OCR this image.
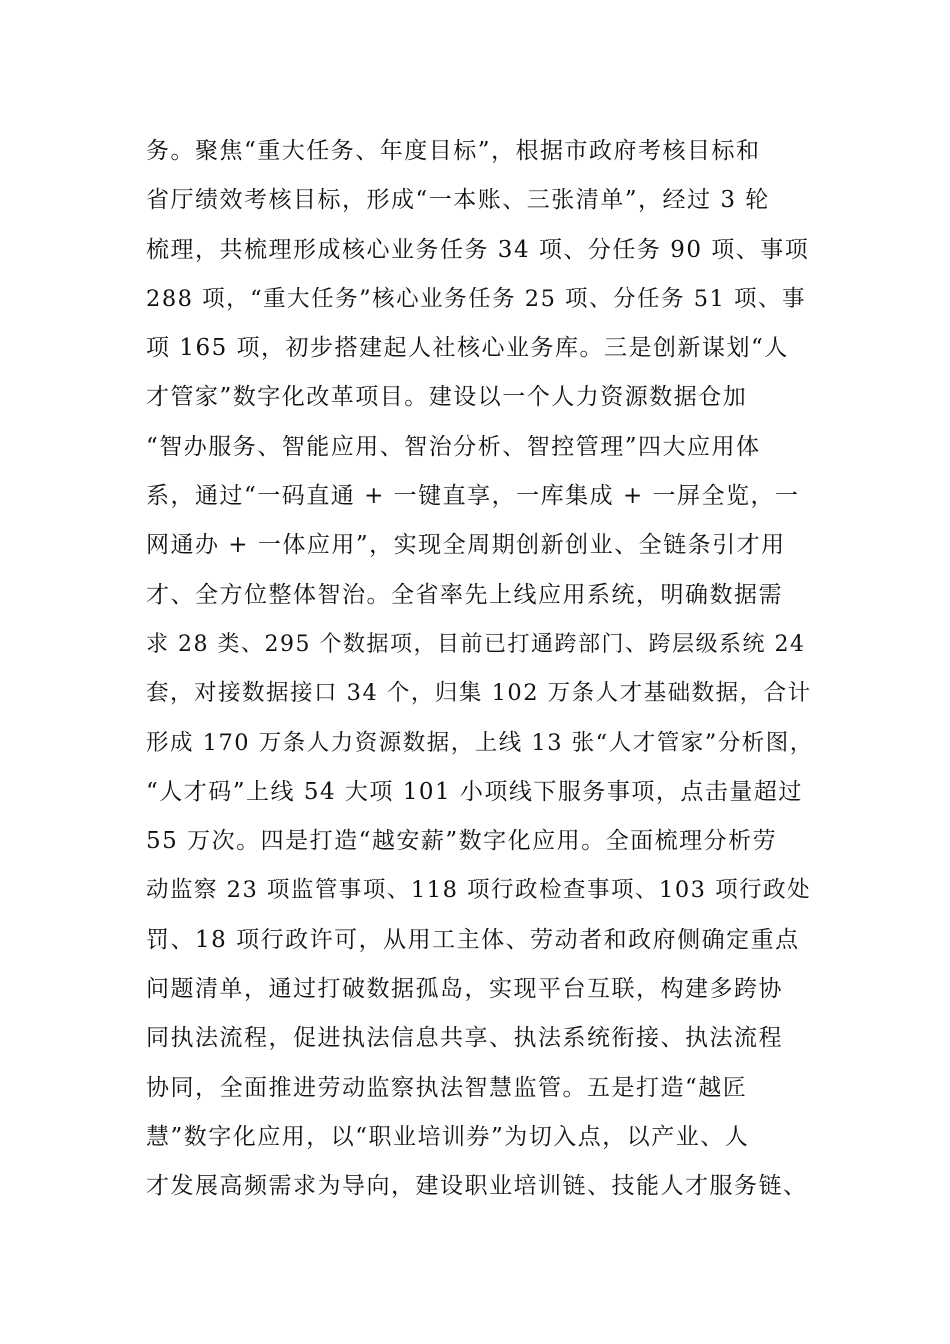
务。聚焦“重大任务、年度目标”，根据市政府考核目标和
省厅绩效考核目标，形成“一本账、三张清单”，经过 3 轮
梳理，共梳理形成核心业务任务 34 项、分任务 90 项、事项
288 项，“重大任务”核心业务任务 25 项、分任务 51 项、事
项 165 项，初步搭建起人社核心业务库。三是创新谋划“人
才管家”数字化改革项目。建设以一个人力资源数据仓加
“智办服务、智能应用、智治分析、智控管理”四大应用体
系，通过“一码直通 + 一键直享，一库集成 + 一屏全览，一
网通办 + 一体应用”，实现全周期创新创业、全链条引才用
才、全方位整体智治。全省率先上线应用系统，明确数据需
求 28 类、295 个数据项，目前已打通跨部门、跨层级系统 24
套，对接数据接口 34 个，归集 102 万条人才基础数据，合计
形成 170 万条人力资源数据，上线 13 张“人才管家”分析图，
“人才码”上线 54 大项 101 小项线下服务事项，点击量超过
55 万次。四是打造“越安薪”数字化应用。全面梳理分析劳
动监察 23 项监管事项、118 项行政检查事项、103 项行政处
罚、18 项行政许可，从用工主体、劳动者和政府侧确定重点
问题清单，通过打破数据孤岛，实现平台互联，构建多跨协
同执法流程，促进执法信息共享、执法系统衔接、执法流程
协同，全面推进劳动监察执法智慧监管。五是打造“越匠
慧”数字化应用，以“职业培训券”为切入点，以产业、人
才发展高频需求为导向，建设职业培训链、技能人才服务链、
